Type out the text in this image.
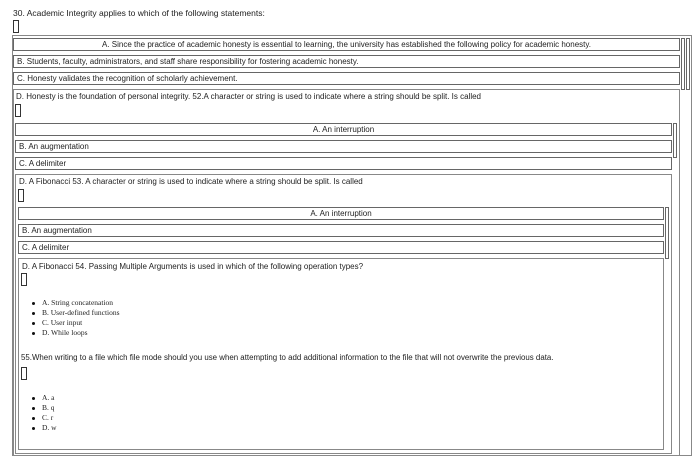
30. Academic Integrity applies to which of the following statements:
A. Since the practice of academic honesty is essential to learning, the university has established the following policy for academic honesty.
B. Students, faculty, administrators, and staff share responsibility for fostering academic honesty.
C. Honesty validates the recognition of scholarly achievement.
D. Honesty is the foundation of personal integrity. 52.A character or string is used to indicate where a string should be split. Is called
A. An interruption
B. An augmentation
C. A delimiter
D. A Fibonacci 53. A character or string is used to indicate where a string should be split. Is called
A. An interruption
B. An augmentation
C. A delimiter
D. A Fibonacci 54. Passing Multiple Arguments is used in which of the following operation types?
A. String concatenation
B. User-defined functions
C. User input
D. While loops
55.When writing to a file which file mode should you use when attempting to add additional information to the file that will not overwrite the previous data.
A. a
B. q
C. r
D. w
